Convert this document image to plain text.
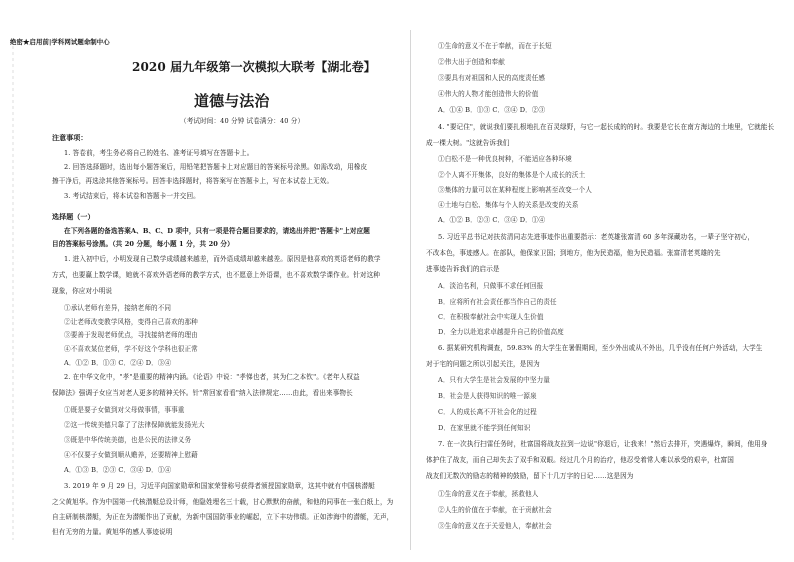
绝密★启用前|学科网试题命制中心
2020 届九年级第一次模拟大联考【湖北卷】
道德与法治
（考试时间：40 分钟 试卷满分：40 分）
注意事项：
1. 答卷前，考生务必将自己的姓名、准考证号填写在答题卡上。
2. 回答选择题时，选出每小题答案后，用铅笔把答题卡上对应题目的答案标号涂黑。如需改动，用橡皮
擦干净后，再选涂其他答案标号。回答非选择题时，将答案写在答题卡上，写在本试卷上无效。
3. 考试结束后，将本试卷和答题卡一并交回。
选择题（一）
在下列各题的备选答案A、B、C、D 项中，只有一项是符合题目要求的，请选出并把"答题卡"上对应题
目的答案标号涂黑。（共 20 分题，每小题 1 分，共 20 分）
1. 进入初中后，小明发现自己数学成绩越来越差，而外语成绩却越来越差。原因是他喜欢的英语老师的教学
方式，也要赢上数学课，她就不喜欢外语老师的教学方式，也不愿意上外语课，也不喜欢数学课作业。针对这种
现象，你应对小明说
①承认老师有差异，接纳老师的不同
②让老师改变教学风格，变得自己喜欢的那种
③要善于发现老师优点，寻找接纳老师的理由
④不喜欢某位老师，学不好这个学科也很正常
A．①② B．①③ C．②④ D．③④
2. 在中华文化中，"孝"是重要的精神内涵。《论语》中说："孝悌也者，其为仁之本钦"。《老年人权益
保障法》强调子女应当对老人更多的精神关怀。针"常回家看看"纳入法律规定……由此，看出来事物长
①既是要子女做到对父母做事情，事事重
②这一传统美德只靠了了法律保障就能发扬光大
③既是中华传统美德，也是公民的法律义务
④不仅要子女做到顺从赡养，还要精神上慰藉
A．①③ B．②③ C．③④ D．①④
3. 2019 年 9 月 29 日，习近平向国家勋章和国家荣誉称号获得者颁授国家勋章，这其中就有中国核潜艇
之父黄旭华。作为中国第一代核潜艇总设计师，他隐姓埋名三十载，甘心默默的奋献，和他的同事在一张白纸上，为
自主研制核潜艇，为正在为潜艇作出了贡献，为新中国国防事业的崛起，立下丰功伟绩。正如涉海中的潜艇，无声，
但有无穷的力量。黄旭华的感人事迹说明
①生命的意义不在于奉献，而在于长短
②伟大出于创造和奉献
③要具有对祖国和人民的高度责任感
④伟大的人物才能创造伟大的价值
A．①④ B．①③ C．③④ D．②③
4. "要记住"，就说我们要扎根地扎在百灵绿野，与它一起长成的的时。我要是它长在南方海边的土地里，它就能长
成一棵大树。"这就告诉我们
①白松不是一种优良树种，不能适应各种环境
②个人离不开集体，良好的集体是个人成长的沃土
③集体的力量可以在某种程度上影响甚至改变一个人
④土地与白松、集体与个人的关系是改变的关系
A．①② B．②③ C．③④ D．①④
5. 习近平总书记对扶贫清同志先进事迹作出重要指示：老英雄张富清 60 多年深藏功名，一辈子坚守初心，
不改本色，事迹感人。在部队，他保家卫国；到地方，他为民造福，他为民造福。张富清老英雄的先
进事迹告诉我们的启示是
A．淡泊名利，只做事不求任何回报
B．应将所有社会责任都当作自己的责任
C．在积极奉献社会中实现人生价值
D．全力以赴追求卓越提升自己的价值高度
6. 据某研究机构调查，59.83% 的大学生在暑假期间，至少外出或从不外出，几乎没有任何户外活动，大学生
对于宅的问题之所以引起关注，是因为
A．只有大学生是社会发展的中坚力量
B．社会是人获得知识的唯一源泉
C．人的成长离不开社会化的过程
D．在家里就不能学到任何知识
7. 在一次执行扫雷任务时，杜富国将战友拉到一边说"你退后，让我来！"然后去排开，突遇爆炸，瞬间，他用身
体护住了战友，而自己却失去了双手和双眼。经过几个月的治疗，他忍受着常人难以承受的艰辛，杜富国
战友们无数次的励志的精神的鼓励，留下十几万字的日记……这是因为
①生命的意义在于奉献，拯救他人
②人生的价值在于奉献，在于贡献社会
③生命的意义在于关爱他人，奉献社会
